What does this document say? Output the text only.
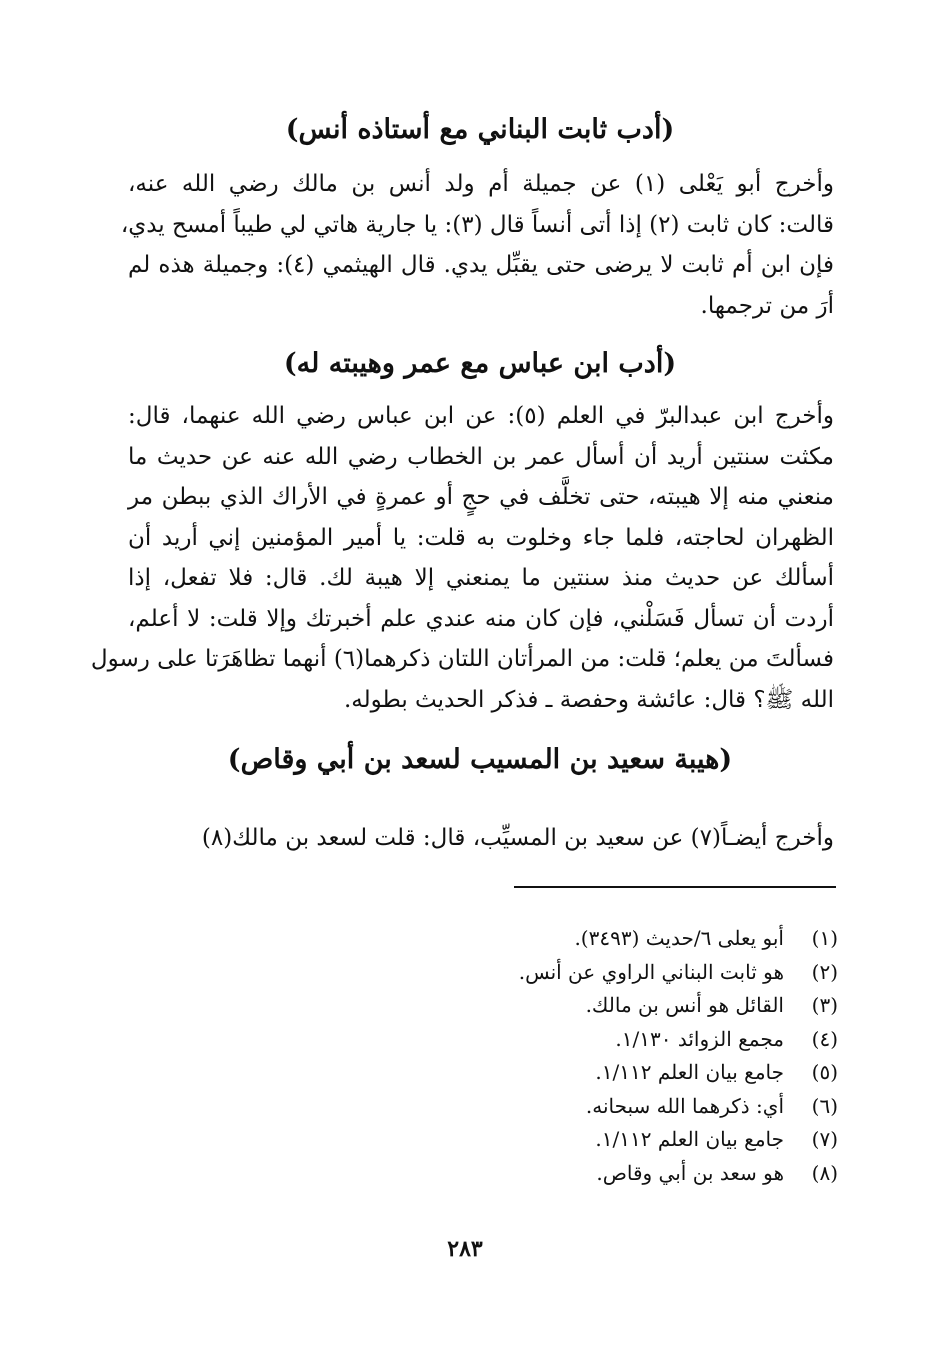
(أدب ثابت البناني مع أستاذه أنس)
وأخرج أبو يَعْلى (١) عن جميلة أم ولد أنس بن مالك رضي الله عنه،
قالت: كان ثابت (٢) إذا أتى أنساً قال (٣): يا جارية هاتي لي طيباً أمسح يدي،
فإن ابن أم ثابت لا يرضى حتى يقبِّل يدي. قال الهيثمي (٤): وجميلة هذه لم
أرَ من ترجمها.
(أدب ابن عباس مع عمر وهيبته له)
وأخرج ابن عبدالبرّ في العلم (٥): عن ابن عباس رضي الله عنهما، قال:
مكثت سنتين أريد أن أسأل عمر بن الخطاب رضي الله عنه عن حديث ما
منعني منه إلا هيبته، حتى تخلَّف في حجٍ أو عمرةٍ في الأراك الذي ببطن مر
الظهران لحاجته، فلما جاء وخلوت به قلت: يا أمير المؤمنين إني أريد أن
أسألك عن حديث منذ سنتين ما يمنعني إلا هيبة لك. قال: فلا تفعل، إذا
أردت أن تسأل فَسَلْني، فإن كان منه عندي علم أخبرتك وإلا قلت: لا أعلم،
فسألتَ من يعلم؛ قلت: من المرأتان اللتان ذكرهما(٦) أنهما تظاهَرَتا على رسول
الله ﷺ؟ قال: عائشة وحفصة ـ فذكر الحديث بطوله.
(هيبة سعيد بن المسيب لسعد بن أبي وقاص)
وأخرج أيضـاً(٧) عن سعيد بن المسيِّب، قال: قلت لسعد بن مالك(٨)
(١)
أبو يعلى ٦/حديث (٣٤٩٣).
(٢)
هو ثابت البناني الراوي عن أنس.
(٣)
القائل هو أنس بن مالك.
(٤)
مجمع الزوائد ١/١٣٠.
(٥)
جامع بيان العلم ١/١١٢.
(٦)
أي: ذكرهما الله سبحانه.
(٧)
جامع بيان العلم ١/١١٢.
(٨)
هو سعد بن أبي وقاص.
٢٨٣
